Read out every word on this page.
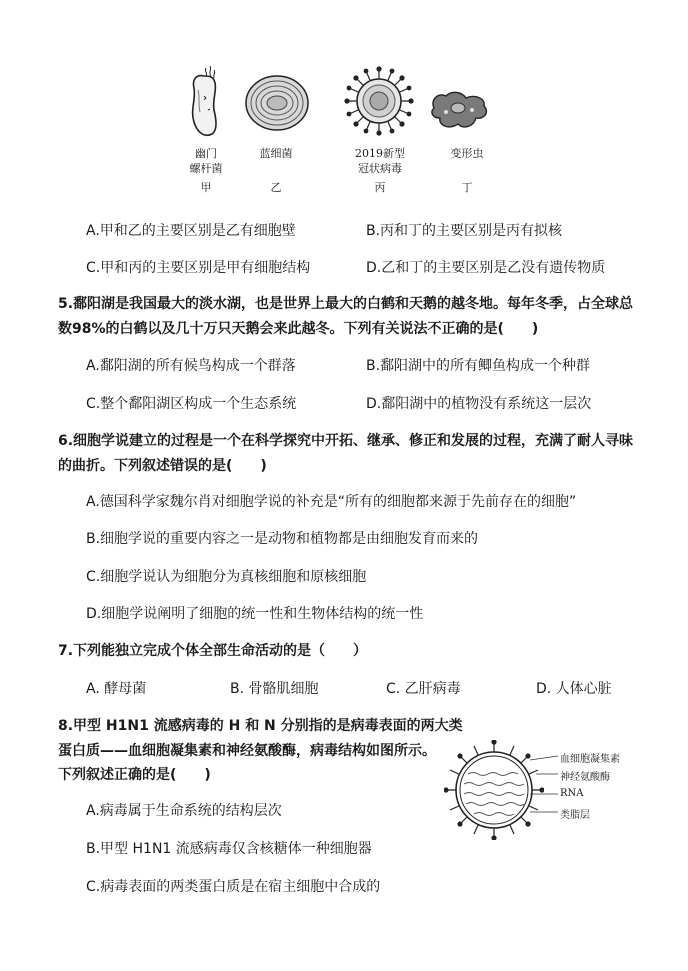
幽门
螺杆菌
甲
蓝细菌
乙
2019新型
冠状病毒
丙
变形虫
丁
A.甲和乙的主要区别是乙有细胞壁	B.丙和丁的主要区别是丙有拟核
C.甲和丙的主要区别是甲有细胞结构	D.乙和丁的主要区别是乙没有遗传物质
5.鄱阳湖是我国最大的淡水湖，也是世界上最大的白鹤和天鹅的越冬地。每年冬季，占全球总
数98%的白鹤以及几十万只天鹅会来此越冬。下列有关说法不正确的是(　　)
A.鄱阳湖的所有候鸟构成一个群落	B.鄱阳湖中的所有鲫鱼构成一个种群
C.整个鄱阳湖区构成一个生态系统	D.鄱阳湖中的植物没有系统这一层次
6.细胞学说建立的过程是一个在科学探究中开拓、继承、修正和发展的过程，充满了耐人寻味
的曲折。下列叙述错误的是(　　)
A.德国科学家魏尔肖对细胞学说的补充是“所有的细胞都来源于先前存在的细胞”
B.细胞学说的重要内容之一是动物和植物都是由细胞发育而来的
C.细胞学说认为细胞分为真核细胞和原核细胞
D.细胞学说阐明了细胞的统一性和生物体结构的统一性
7.下列能独立完成个体全部生命活动的是（　　）
A. 酵母菌	B. 骨骼肌细胞	C. 乙肝病毒	D. 人体心脏
8.甲型 H1N1 流感病毒的 H 和 N 分别指的是病毒表面的两大类
蛋白质——血细胞凝集素和神经氨酸酶，病毒结构如图所示。
下列叙述正确的是(　　)
血细胞凝集素
神经氨酸酶
RNA
类脂层
A.病毒属于生命系统的结构层次
B.甲型 H1N1 流感病毒仅含核糖体一种细胞器
C.病毒表面的两类蛋白质是在宿主细胞中合成的
